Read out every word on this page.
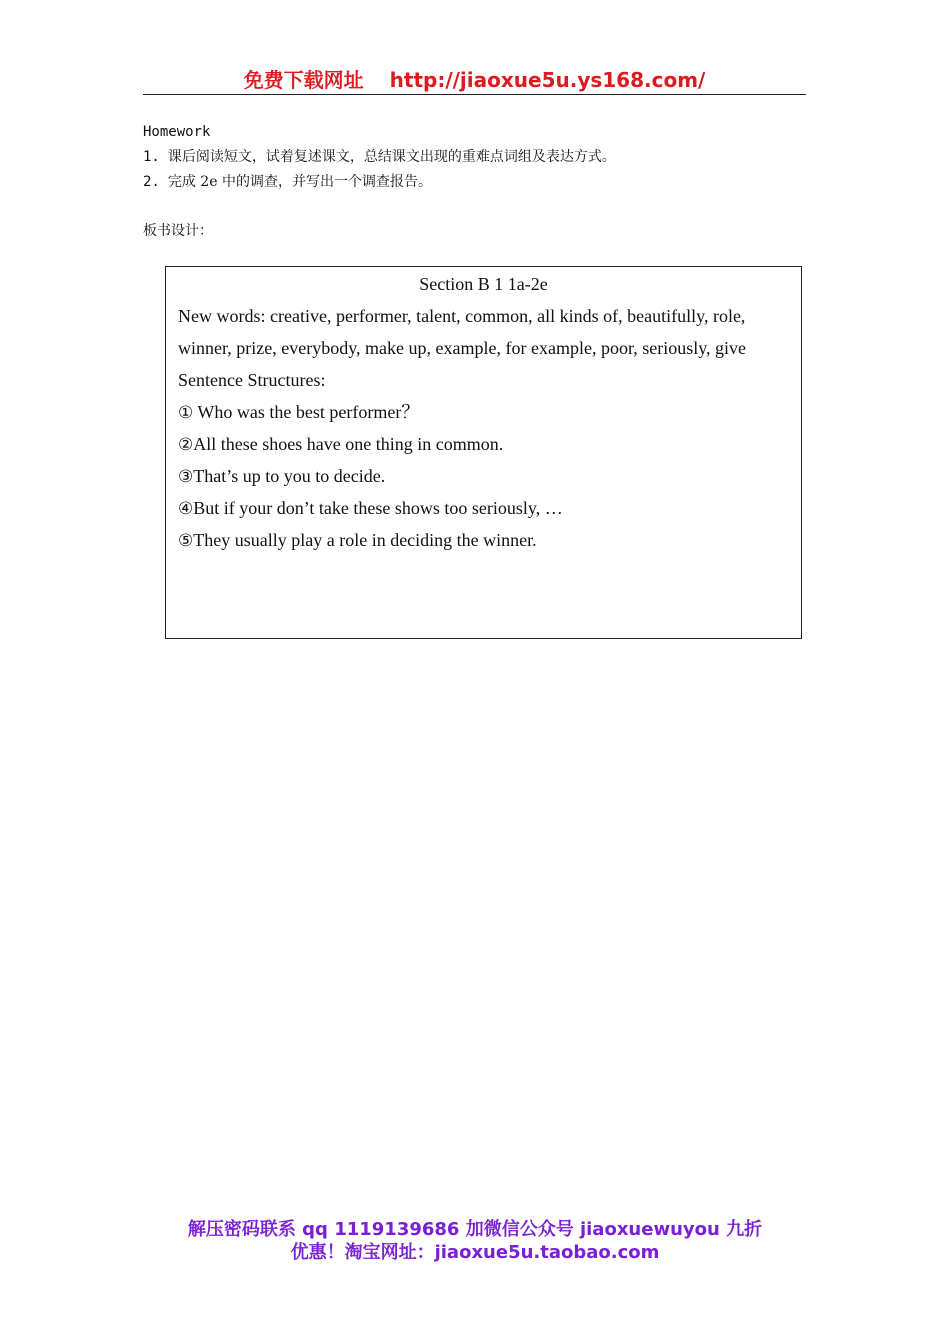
免费下载网址 http://jiaoxue5u.ys168.com/
Homework
1. 课后阅读短文，试着复述课文，总结课文出现的重难点词组及表达方式。
2. 完成 2e 中的调查，并写出一个调查报告。
板书设计：
Section B 1 1a-2e
New words: creative, performer, talent, common, all kinds of, beautifully, role,
winner, prize, everybody, make up, example, for example, poor, seriously, give
Sentence Structures:
① Who was the best performer？
②All these shoes have one thing in common.
③That’s up to you to decide.
④But if your don’t take these shows too seriously, …
⑤They usually play a role in deciding the winner.
解压密码联系 qq 1119139686 加微信公众号 jiaoxuewuyou 九折
优惠！淘宝网址：jiaoxue5u.taobao.com
